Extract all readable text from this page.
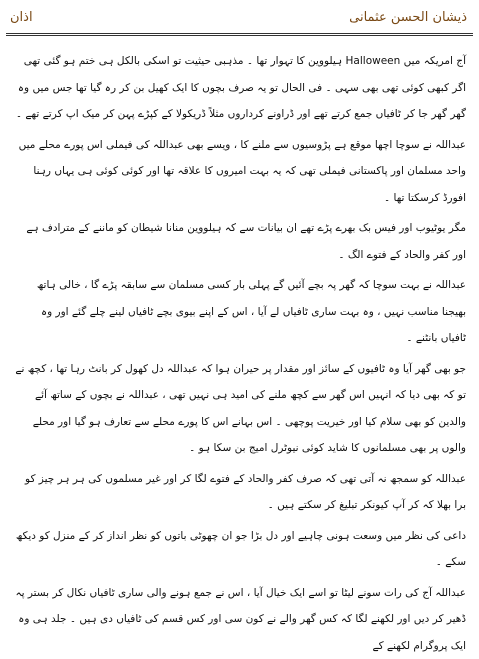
اذان	ذیشان الحسن عثمانی

آج امریکہ میں Halloween ہیلووین کا تہوار تھا ۔ مذہبی حیثیت تو اسکی بالکل ہی ختم ہو گئی تھی اگر کبھی کوئی تھی بھی سہی ۔ فی الحال تو یہ صرف بچوں کا ایک کھیل بن کر رہ گیا تھا جس میں وہ گھر گھر جا کر ٹافیاں جمع کرتے تھے اور ڈراونے کرداروں مثلاً ڈریکولا کے کپڑے پہن کر میک اپ کرتے تھے ۔

عبداللہ نے سوچا اچھا موقع ہے پڑوسیوں سے ملنے کا ، ویسے بھی عبداللہ کی فیملی اس پورے محلے میں واحد مسلمان اور پاکستانی فیملی تھی کہ یہ بہت امیروں کا علاقہ تھا اور کوئی کوئی ہی یہاں رہنا افورڈ کرسکتا تھا ۔

مگر یوٹیوب اور فیس بک بھرے پڑے تھے ان بیانات سے کہ ہیلووین منانا شیطان کو ماننے کے مترادف ہے اور کفر والحاد کے فتوے الگ ۔

عبداللہ نے بہت سوچا کہ گھر پہ بچے آئیں گے پہلی بار کسی مسلمان سے سابقہ پڑے گا ، خالی ہاتھ بھیجنا مناسب نہیں ، وہ بہت ساری ٹافیاں لے آیا ، اس کے اپنے بیوی بچے ٹافیاں لینے چلے گئے اور وہ ٹافیاں بانٹنے ۔

جو بھی گھر آیا وہ ٹافیوں کے سائز اور مقدار پر حیران ہوا کہ عبداللہ دل کھول کر بانٹ رہا تھا ، کچھ نے تو کہ بھی دیا کہ انہیں اس گھر سے کچھ ملنے کی امید ہی نہیں تھی ، عبداللہ نے بچوں کے ساتھ آئے والدین کو بھی سلام کیا اور خیریت پوچھی ۔ اس بہانے اس کا پورے محلے سے تعارف ہو گیا اور محلے والوں پر بھی مسلمانوں کا شاید کوئی نیوٹرل امیج بن سکا ہو ۔

عبداللہ کو سمجھ نہ آتی تھی کہ صرف کفر والحاد کے فتوے لگا کر اور غیر مسلموں کی ہر ہر چیز کو برا بھلا کہ کر آپ کیونکر تبلیغ کر سکتے ہیں ۔

داعی کی نظر میں وسعت ہونی چاہیے اور دل بڑا جو ان چھوٹی باتوں کو نظر انداز کر کے منزل کو دیکھ سکے ۔

عبداللہ آج کی رات سونے لیٹا تو اسے ایک خیال آیا ، اس نے جمع ہونے والی ساری ٹافیاں نکال کر بستر پہ ڈھیر کر دیں اور لکھنے لگا کہ کس گھر والے نے کون سی اور کس قسم کی ٹافیاں دی ہیں ۔ جلد ہی وہ ایک پروگرام لکھنے کے
